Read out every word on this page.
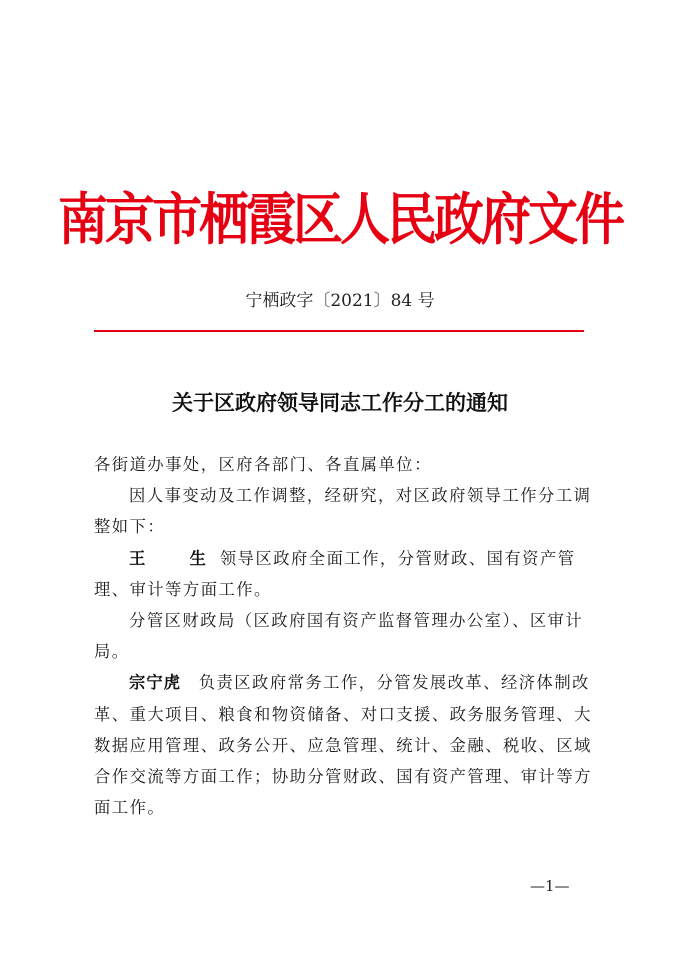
南京市栖霞区人民政府文件
宁栖政字〔2021〕84 号
关于区政府领导同志工作分工的通知

各街道办事处，区府各部门、各直属单位：

因人事变动及工作调整，经研究，对区政府领导工作分工调整如下：

王　生领导区政府全面工作，分管财政、国有资产管理、审计等方面工作。

分管区财政局（区政府国有资产监督管理办公室）、区审计局。

宗宁虎　 负责区政府常务工作，分管发展改革、经济体制改革、重大项目、粮食和物资储备、对口支援、政务服务管理、大数据应用管理、政务公开、应急管理、统计、金融、税收、区域合作交流等方面工作；协助分管财政、国有资产管理、审计等方面工作。

—1—
